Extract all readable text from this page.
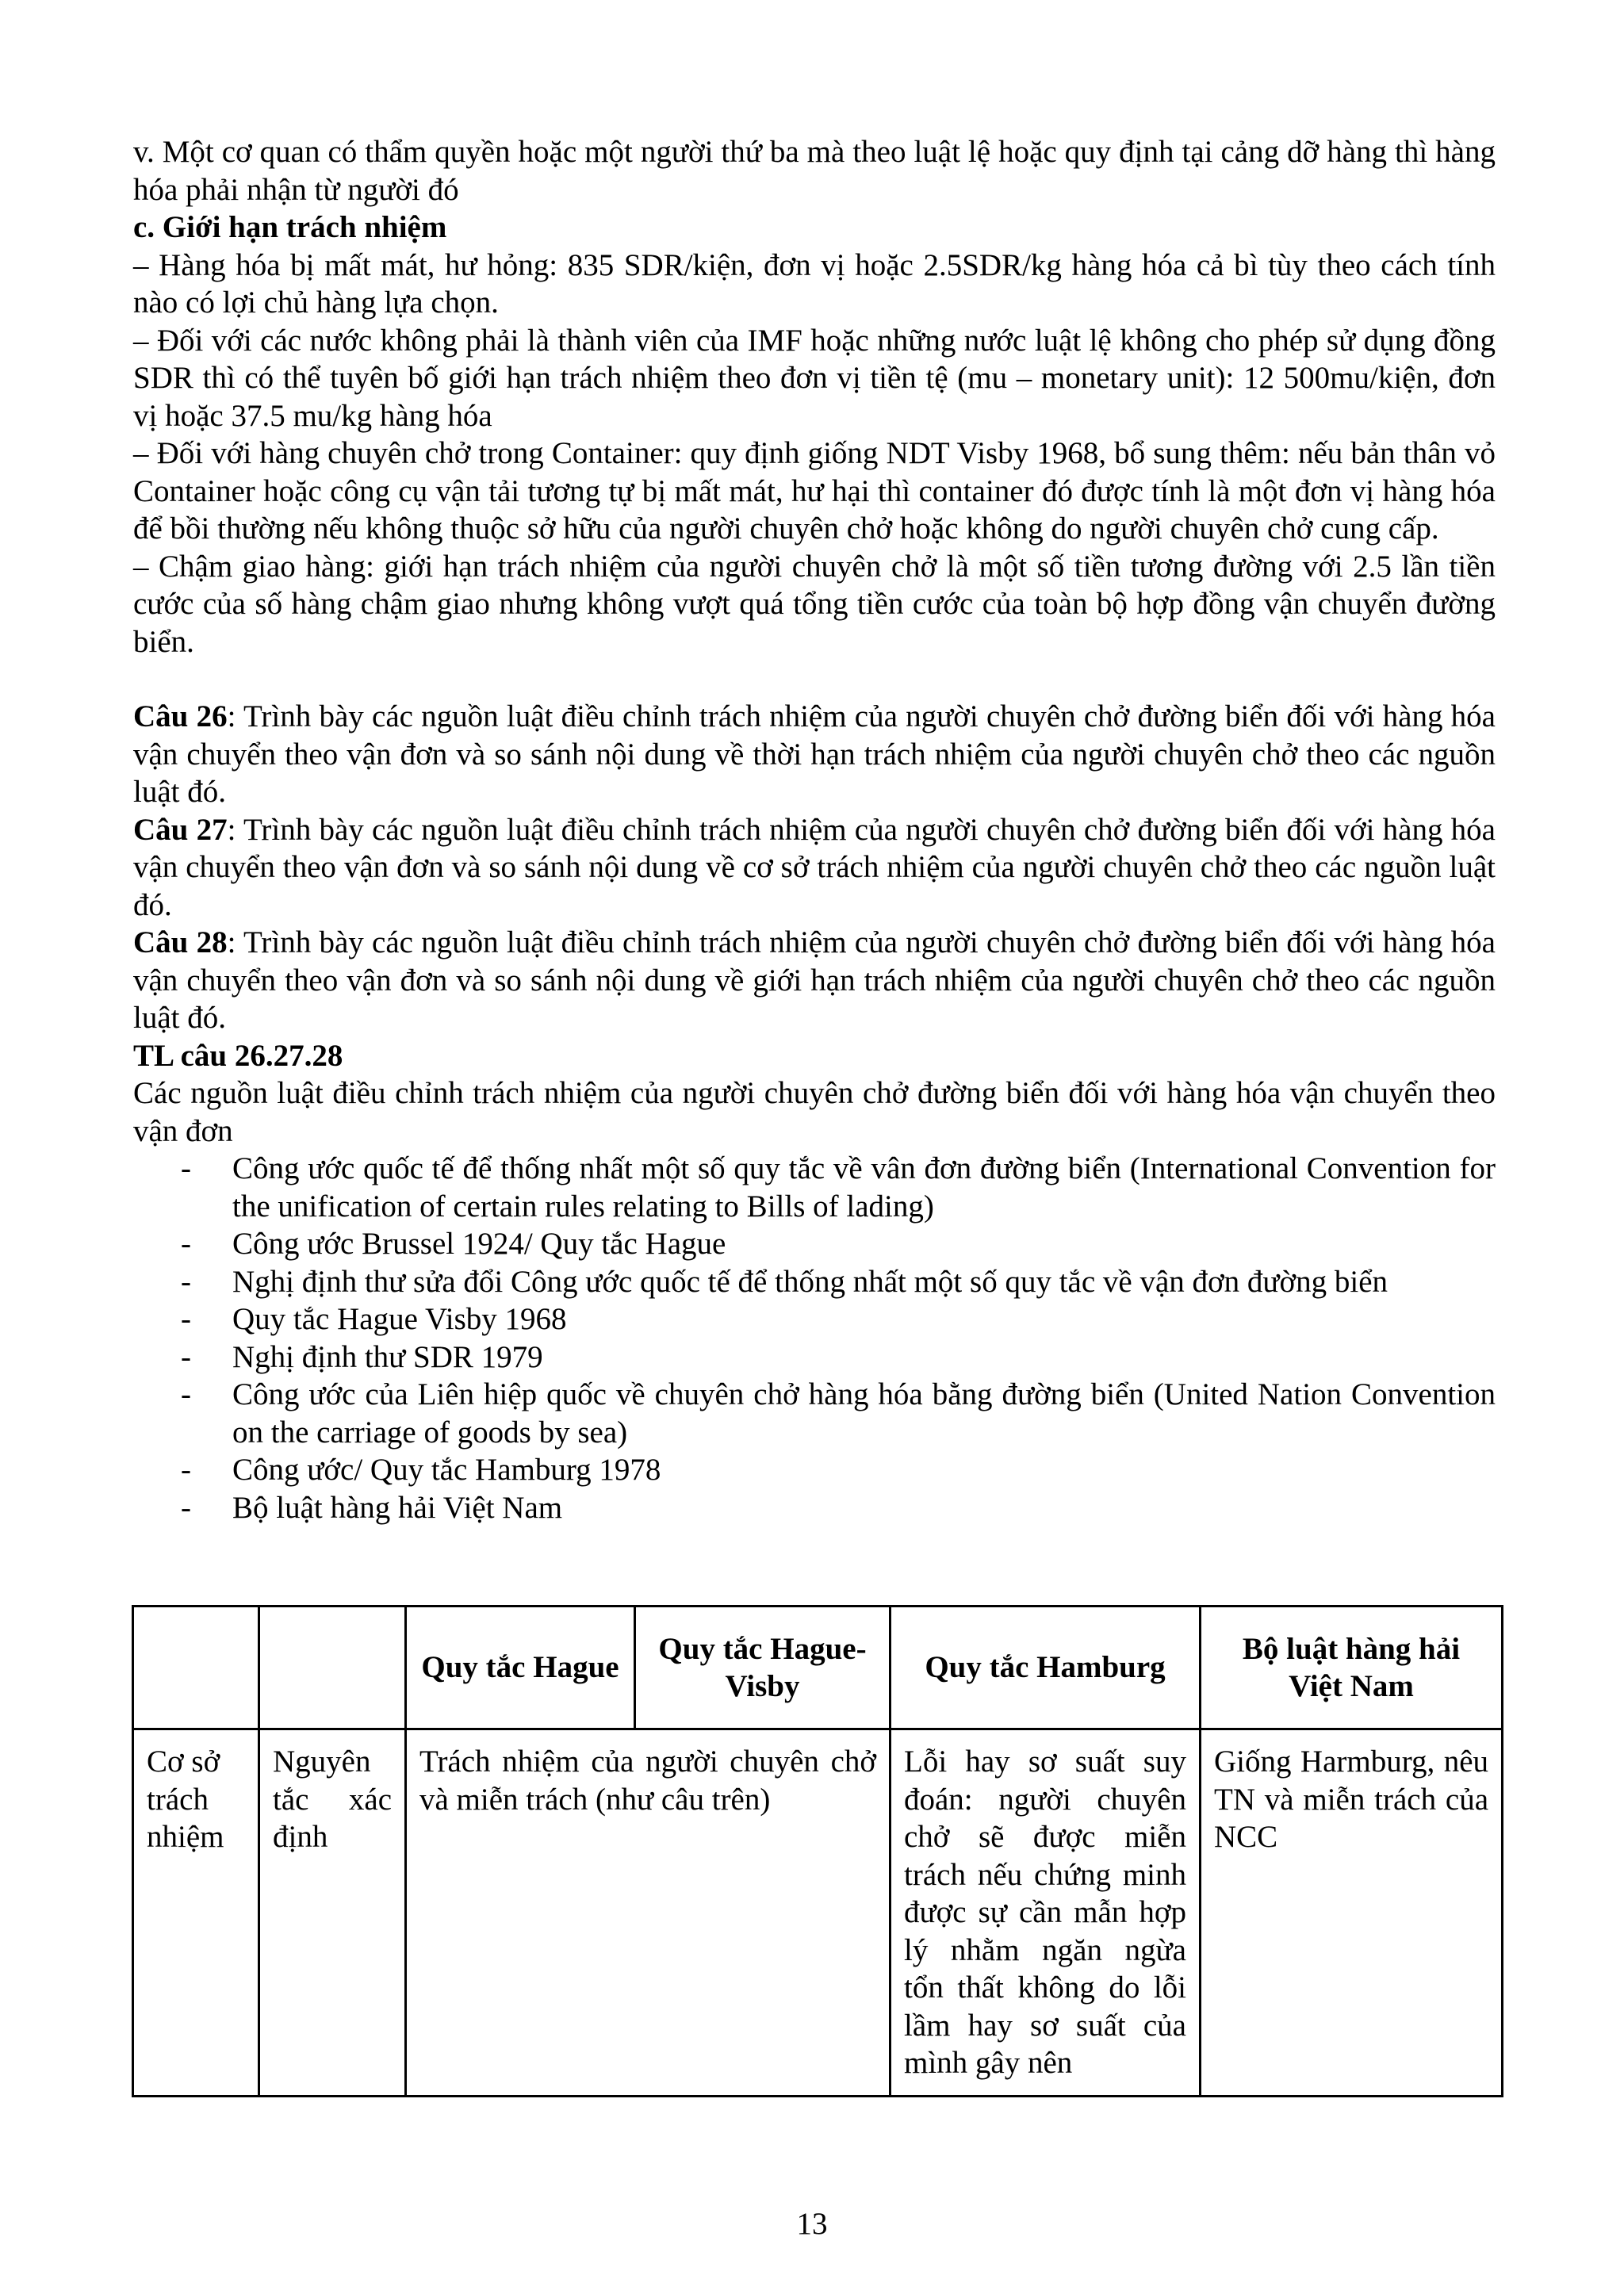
v. Một cơ quan có thẩm quyền hoặc một người thứ ba mà theo luật lệ hoặc quy định tại cảng dỡ hàng thì hàng hóa phải nhận từ người đó

c. Giới hạn trách nhiệm

– Hàng hóa bị mất mát, hư hỏng: 835 SDR/kiện, đơn vị hoặc 2.5SDR/kg hàng hóa cả bì tùy theo cách tính nào có lợi chủ hàng lựa chọn.

– Đối với các nước không phải là thành viên của IMF hoặc những nước luật lệ không cho phép sử dụng đồng SDR thì có thể tuyên bố giới hạn trách nhiệm theo đơn vị tiền tệ (mu – monetary unit): 12 500mu/kiện, đơn vị hoặc 37.5 mu/kg hàng hóa

– Đối với hàng chuyên chở trong Container: quy định giống NDT Visby 1968, bổ sung thêm: nếu bản thân vỏ Container hoặc công cụ vận tải tương tự bị mất mát, hư hại thì container đó được tính là một đơn vị hàng hóa để bồi thường nếu không thuộc sở hữu của người chuyên chở hoặc không do người chuyên chở cung cấp.

– Chậm giao hàng: giới hạn trách nhiệm của người chuyên chở là một số tiền tương đường với 2.5 lần tiền cước của số hàng chậm giao nhưng không vượt quá tổng tiền cước của toàn bộ hợp đồng vận chuyển đường biển.

Câu 26: Trình bày các nguồn luật điều chỉnh trách nhiệm của người chuyên chở đường biển đối với hàng hóa vận chuyển theo vận đơn và so sánh nội dung về thời hạn trách nhiệm của người chuyên chở theo các nguồn luật đó.

Câu 27: Trình bày các nguồn luật điều chỉnh trách nhiệm của người chuyên chở đường biển đối với hàng hóa vận chuyển theo vận đơn và so sánh nội dung về cơ sở trách nhiệm của người chuyên chở theo các nguồn luật đó.

Câu 28: Trình bày các nguồn luật điều chỉnh trách nhiệm của người chuyên chở đường biển đối với hàng hóa vận chuyển theo vận đơn và so sánh nội dung về giới hạn trách nhiệm của người chuyên chở theo các nguồn luật đó.

TL câu 26.27.28

Các nguồn luật điều chỉnh trách nhiệm của người chuyên chở đường biển đối với hàng hóa vận chuyển theo vận đơn

- Công ước quốc tế để thống nhất một số quy tắc về vân đơn đường biển (International Convention for the unification of certain rules relating to Bills of lading)
- Công ước Brussel 1924/ Quy tắc Hague
- Nghị định thư sửa đổi Công ước quốc tế để thống nhất một số quy tắc về vận đơn đường biển
- Quy tắc Hague Visby 1968
- Nghị định thư SDR 1979
- Công ước của Liên hiệp quốc về chuyên chở hàng hóa bằng đường biển (United Nation Convention on the carriage of goods by sea)
- Công ước/ Quy tắc Hamburg 1978
- Bộ luật hàng hải Việt Nam
		Quy tắc Hague	Quy tắc Hague-Visby	Quy tắc Hamburg	Bộ luật hàng hải Việt Nam
Cơ sở trách nhiệm	Nguyên tắc xác định	Trách nhiệm của người chuyên chở và miễn trách (như câu trên)		Lỗi hay sơ suất suy đoán: người chuyên chở sẽ được miễn trách nếu chứng minh được sự cần mẫn hợp lý nhằm ngăn ngừa tổn thất không do lỗi lầm hay sơ suất của mình gây nên	Giống Harmburg, nêu TN và miễn trách của NCC
13
